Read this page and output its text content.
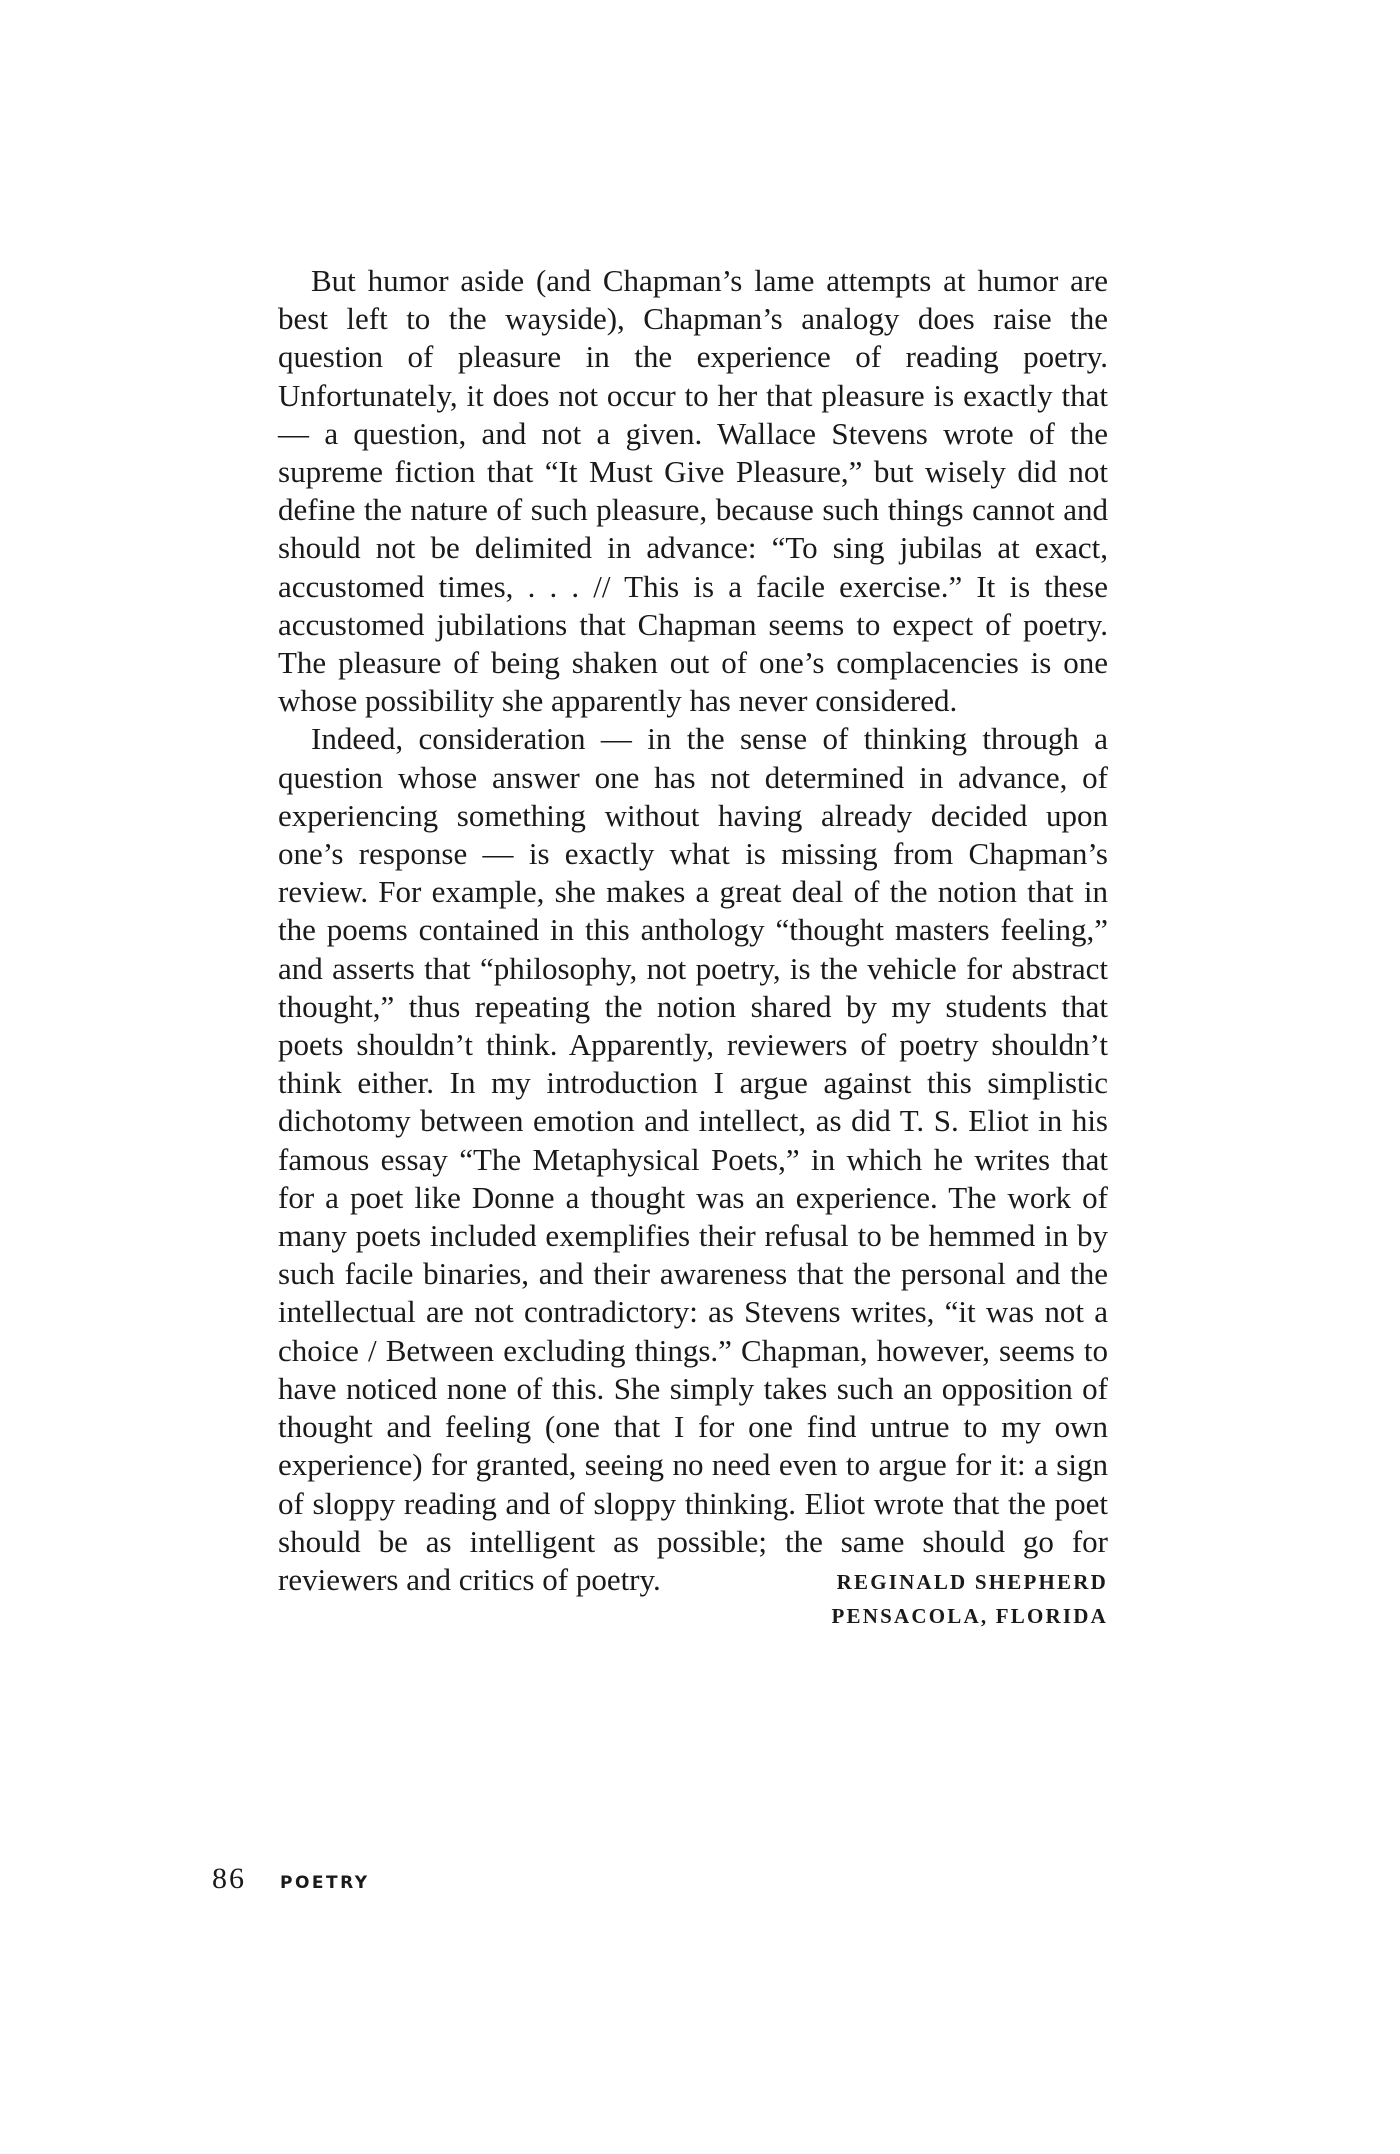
But humor aside (and Chapman’s lame attempts at humor are best left to the wayside), Chapman’s analogy does raise the question of pleasure in the experience of reading poetry. Unfortunately, it does not occur to her that pleasure is exactly that — a question, and not a given. Wallace Stevens wrote of the supreme fiction that “It Must Give Pleasure,” but wisely did not define the nature of such pleasure, because such things cannot and should not be delimited in advance: “To sing jubilas at exact, accustomed times, . . . // This is a facile exercise.” It is these accustomed jubilations that Chapman seems to expect of poetry. The pleasure of being shaken out of one’s complacencies is one whose possibility she apparently has never considered.

Indeed, consideration — in the sense of thinking through a question whose answer one has not determined in advance, of experiencing something without having already decided upon one’s response — is exactly what is missing from Chapman’s review. For example, she makes a great deal of the notion that in the poems contained in this anthology “thought masters feeling,” and asserts that “philosophy, not poetry, is the vehicle for abstract thought,” thus repeating the notion shared by my students that poets shouldn’t think. Apparently, reviewers of poetry shouldn’t think either. In my introduction I argue against this simplistic dichotomy between emotion and intellect, as did T. S. Eliot in his famous essay “The Metaphysical Poets,” in which he writes that for a poet like Donne a thought was an experience. The work of many poets included exemplifies their refusal to be hemmed in by such facile binaries, and their awareness that the personal and the intellectual are not contradictory: as Stevens writes, “it was not a choice / Between excluding things.” Chapman, however, seems to have noticed none of this. She simply takes such an opposition of thought and feeling (one that I for one find untrue to my own experience) for granted, seeing no need even to argue for it: a sign of sloppy reading and of sloppy thinking. Eliot wrote that the poet should be as intelligent as possible; the same should go for reviewers and critics of poetry.	REGINALD SHEPHERD
PENSACOLA, FLORIDA
86 POETRY
